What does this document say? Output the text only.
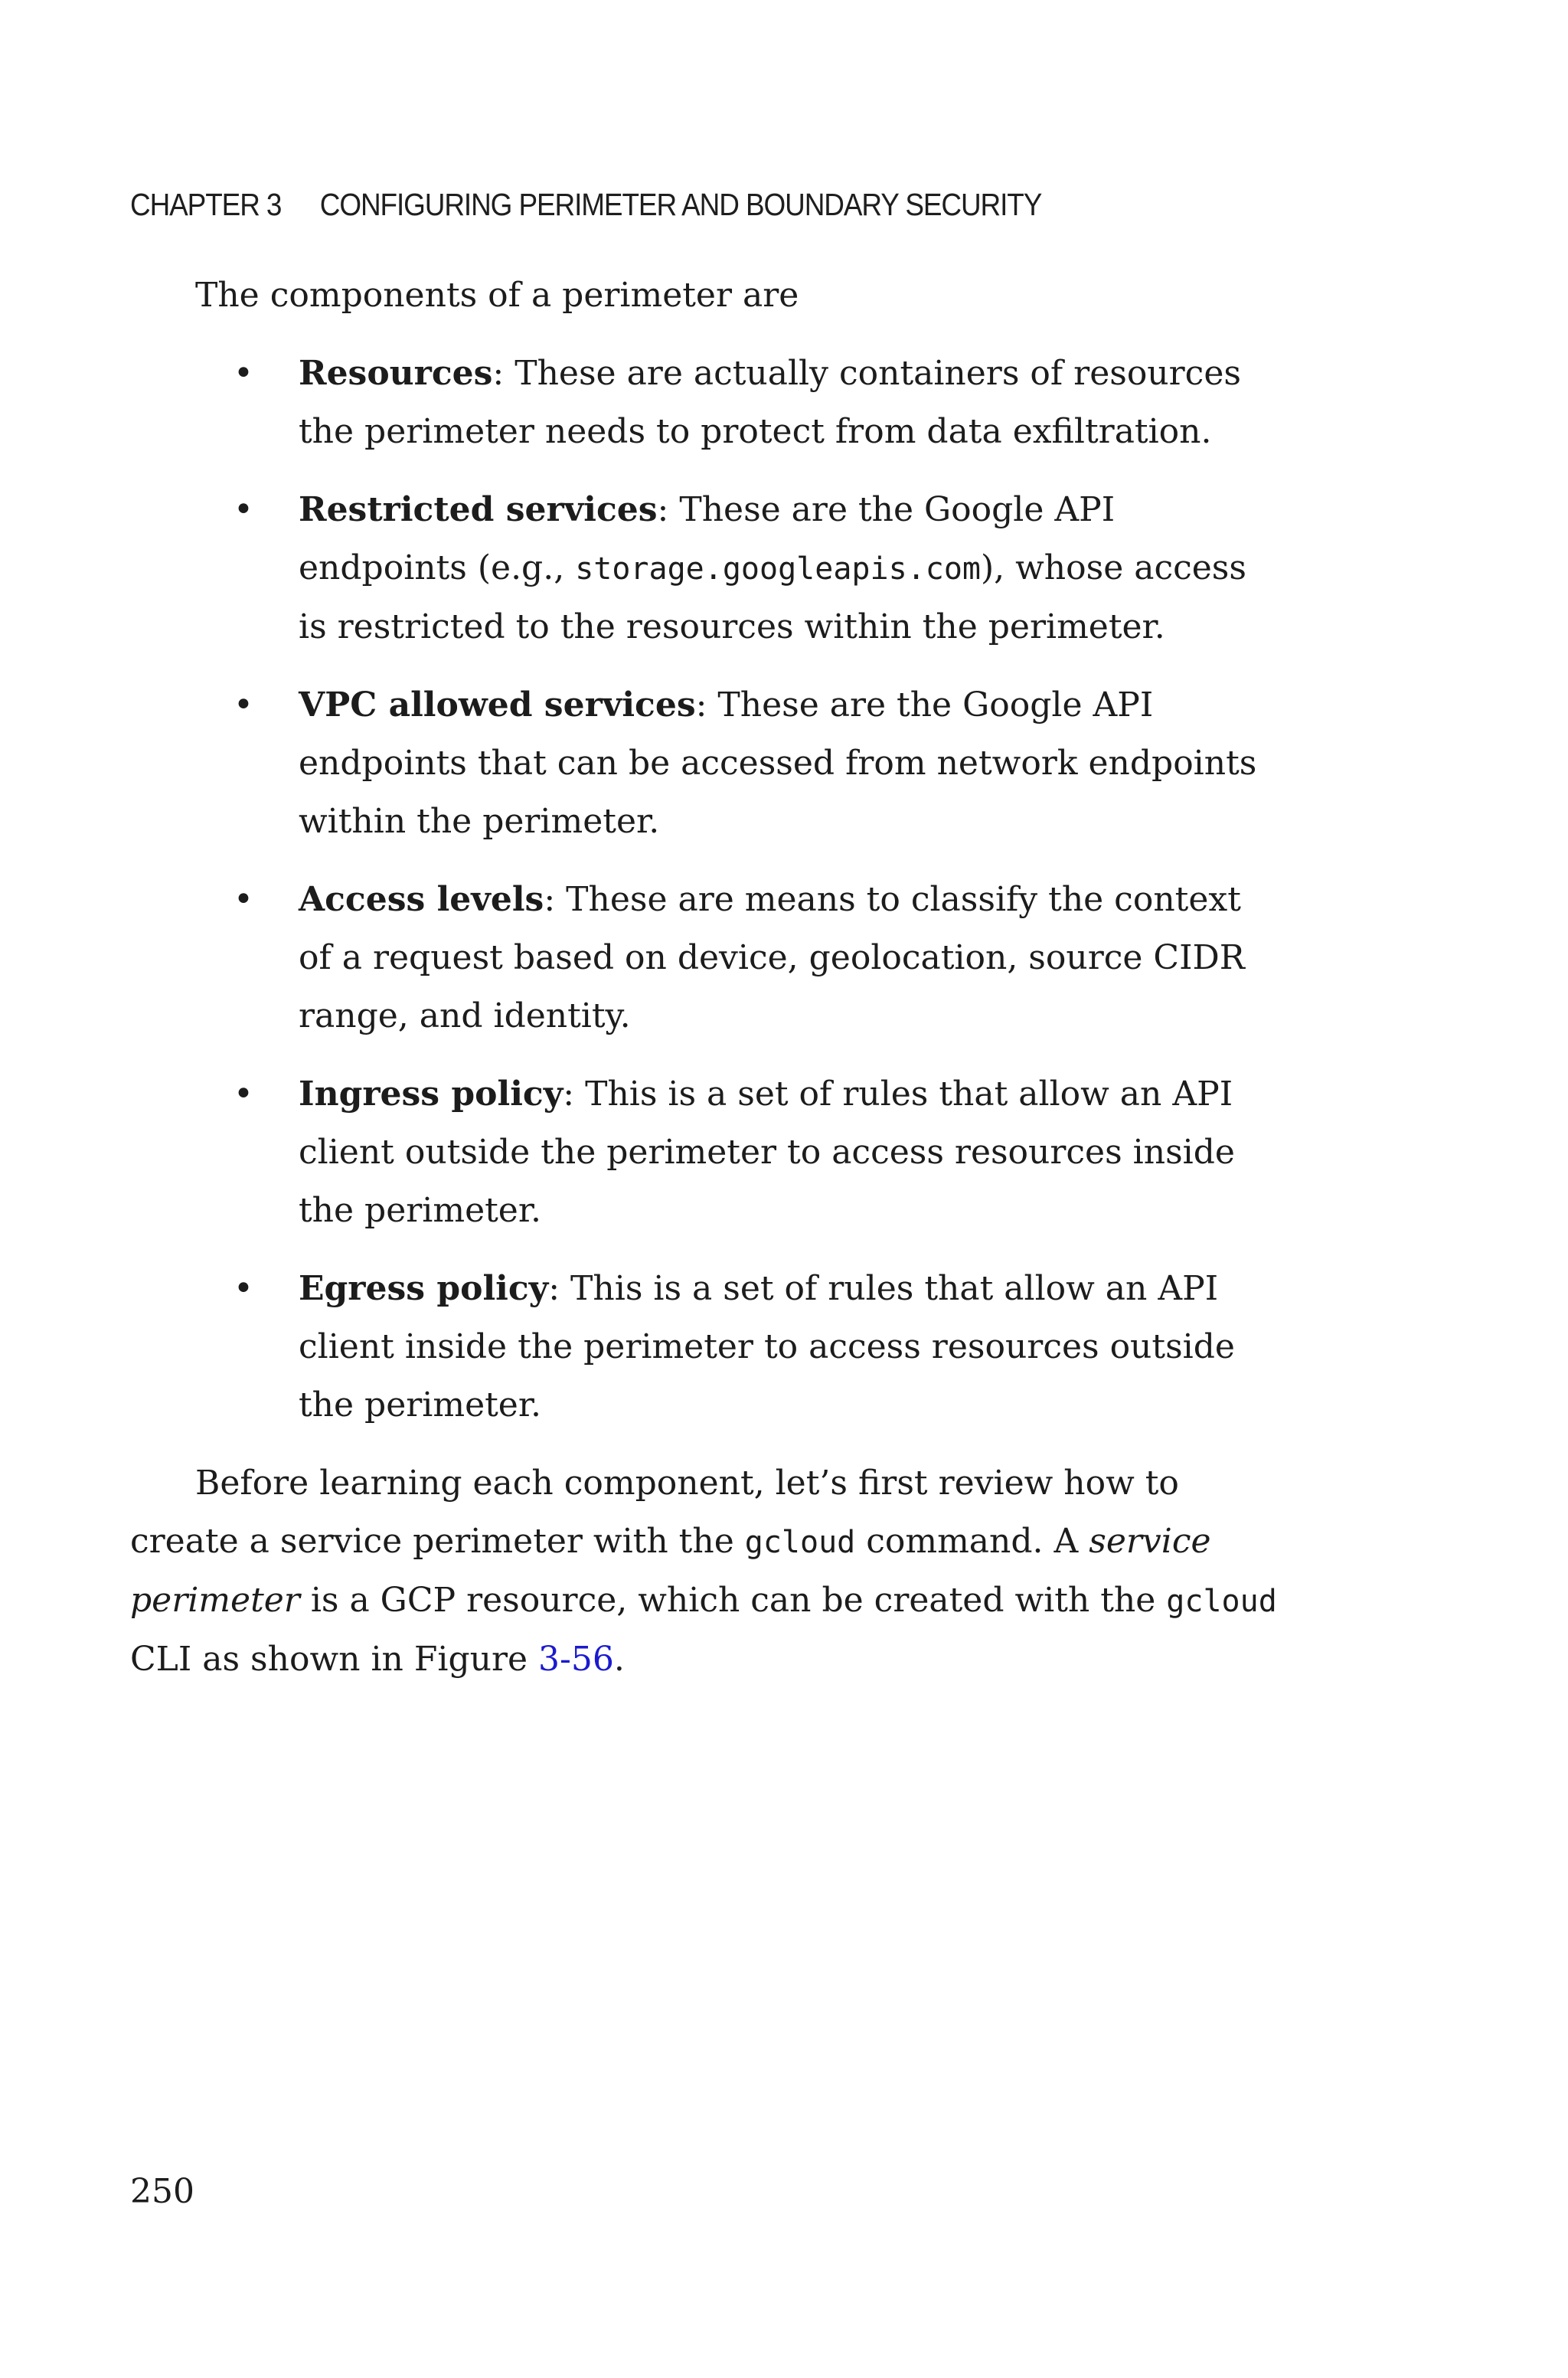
CHAPTER 3 CONFIGURING PERIMETER AND BOUNDARY SECURITY

The components of a perimeter are

• Resources: These are actually containers of resources the perimeter needs to protect from data exfiltration.
• Restricted services: These are the Google API endpoints (e.g., storage.googleapis.com), whose access is restricted to the resources within the perimeter.
• VPC allowed services: These are the Google API endpoints that can be accessed from network endpoints within the perimeter.
• Access levels: These are means to classify the context of a request based on device, geolocation, source CIDR range, and identity.
• Ingress policy: This is a set of rules that allow an API client outside the perimeter to access resources inside the perimeter.
• Egress policy: This is a set of rules that allow an API client inside the perimeter to access resources outside the perimeter.

Before learning each component, let’s first review how to create a service perimeter with the gcloud command. A service perimeter is a GCP resource, which can be created with the gcloud CLI as shown in Figure 3-56.

250
